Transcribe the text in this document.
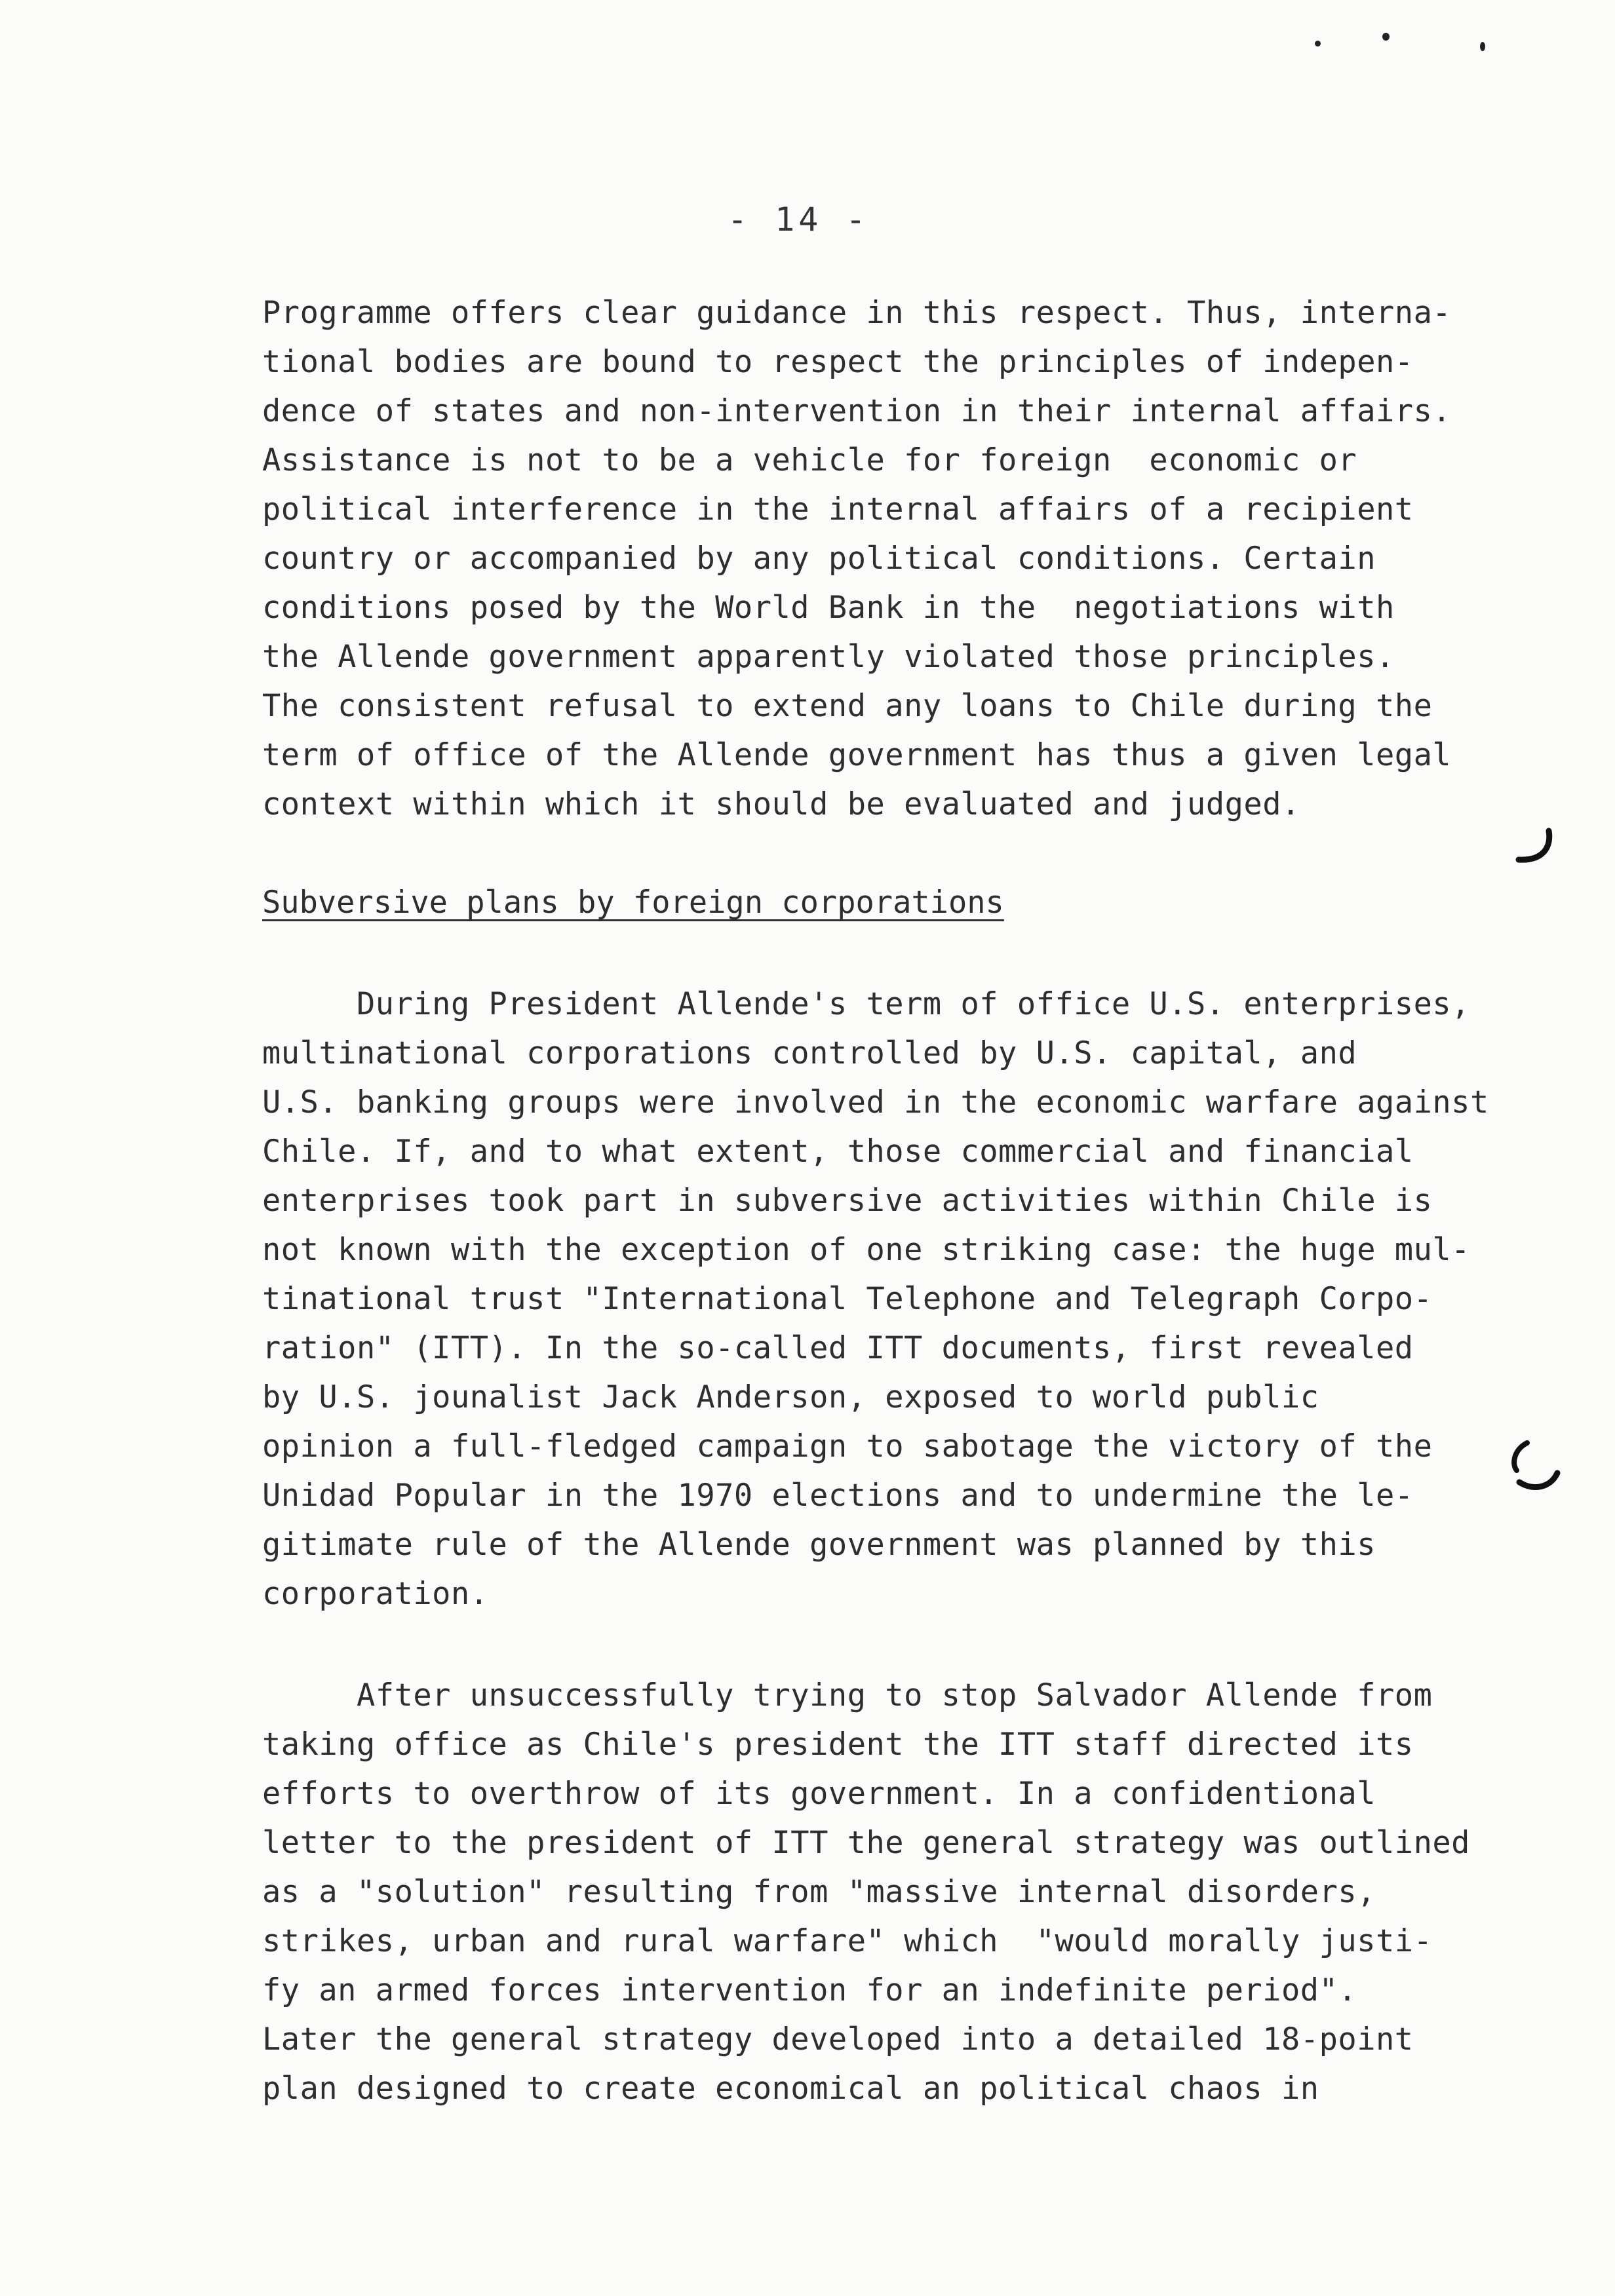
- 14 -
Programme offers clear guidance in this respect. Thus, interna-
tional bodies are bound to respect the principles of indepen-
dence of states and non-intervention in their internal affairs.
Assistance is not to be a vehicle for foreign  economic or
political interference in the internal affairs of a recipient
country or accompanied by any political conditions. Certain
conditions posed by the World Bank in the  negotiations with
the Allende government apparently violated those principles.
The consistent refusal to extend any loans to Chile during the
term of office of the Allende government has thus a given legal
context within which it should be evaluated and judged.
Subversive plans by foreign corporations
During President Allende's term of office U.S. enterprises,
multinational corporations controlled by U.S. capital, and
U.S. banking groups were involved in the economic warfare against
Chile. If, and to what extent, those commercial and financial
enterprises took part in subversive activities within Chile is
not known with the exception of one striking case: the huge mul-
tinational trust "International Telephone and Telegraph Corpo-
ration" (ITT). In the so-called ITT documents, first revealed
by U.S. jounalist Jack Anderson, exposed to world public
opinion a full-fledged campaign to sabotage the victory of the
Unidad Popular in the 1970 elections and to undermine the le-
gitimate rule of the Allende government was planned by this
corporation.
After unsuccessfully trying to stop Salvador Allende from
taking office as Chile's president the ITT staff directed its
efforts to overthrow of its government. In a confidentional
letter to the president of ITT the general strategy was outlined
as a "solution" resulting from "massive internal disorders,
strikes, urban and rural warfare" which  "would morally justi-
fy an armed forces intervention for an indefinite period".
Later the general strategy developed into a detailed 18-point
plan designed to create economical an political chaos in
